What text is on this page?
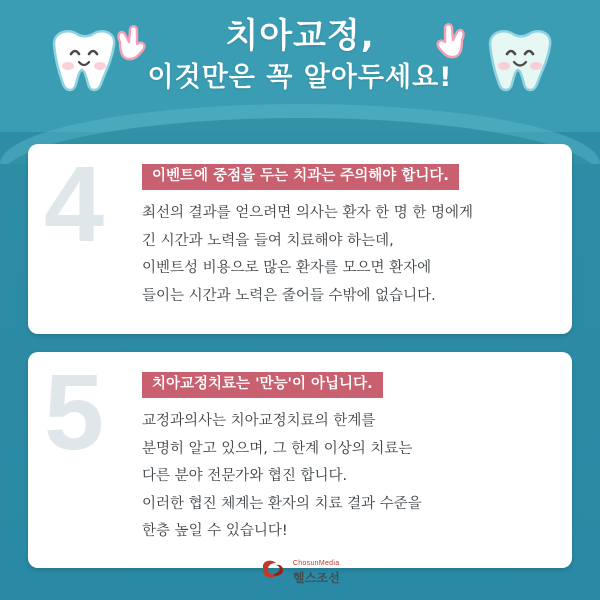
치아교정,
이것만은 꼭 알아두세요!
4	이벤트에 중점을 두는 치과는 주의해야 합니다.

최선의 결과를 얻으려면 의사는 환자 한 명 한 명에게

긴 시간과 노력을 들여 치료해야 하는데,

이벤트성 비용으로 많은 환자를 모으면 환자에

들이는 시간과 노력은 줄어들 수밖에 없습니다.

5	치아교정치료는 '만능'이 아닙니다.

교정과의사는 치아교정치료의 한계를

분명히 알고 있으며, 그 한계 이상의 치료는

다른 분야 전문가와 협진 합니다.

이러한 협진 체계는 환자의 치료 결과 수준을

한층 높일 수 있습니다!

ChosunMedia
헬스조선
